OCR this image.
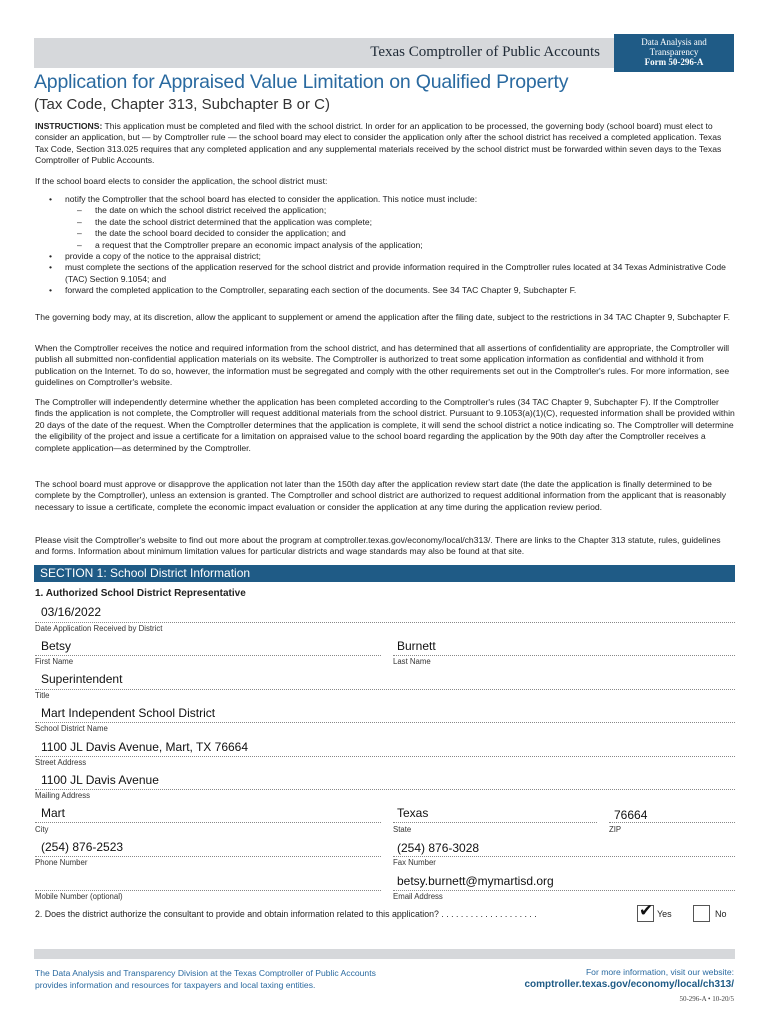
Texas Comptroller of Public Accounts
Data Analysis and
Transparency
Form 50-296-A
Application for Appraised Value Limitation on Qualified Property
(Tax Code, Chapter 313, Subchapter B or C)
INSTRUCTIONS: This application must be completed and filed with the school district. In order for an application to be processed, the governing body (school board) must elect to consider an application, but — by Comptroller rule — the school board may elect to consider the application only after the school district has received a completed application. Texas Tax Code, Section 313.025 requires that any completed application and any supplemental materials received by the school district must be forwarded within seven days to the Texas Comptroller of Public Accounts.
If the school board elects to consider the application, the school district must:
• notify the Comptroller that the school board has elected to consider the application. This notice must include:
– the date on which the school district received the application;
– the date the school district determined that the application was complete;
– the date the school board decided to consider the application; and
– a request that the Comptroller prepare an economic impact analysis of the application;
• provide a copy of the notice to the appraisal district;
• must complete the sections of the application reserved for the school district and provide information required in the Comptroller rules located at 34 Texas Administrative Code (TAC) Section 9.1054; and
• forward the completed application to the Comptroller, separating each section of the documents. See 34 TAC Chapter 9, Subchapter F.
The governing body may, at its discretion, allow the applicant to supplement or amend the application after the filing date, subject to the restrictions in 34 TAC Chapter 9, Subchapter F.
When the Comptroller receives the notice and required information from the school district, and has determined that all assertions of confidentiality are appropriate, the Comptroller will publish all submitted non-confidential application materials on its website. The Comptroller is authorized to treat some application information as confidential and withhold it from publication on the Internet. To do so, however, the information must be segregated and comply with the other requirements set out in the Comptroller's rules. For more information, see guidelines on Comptroller's website.
The Comptroller will independently determine whether the application has been completed according to the Comptroller's rules (34 TAC Chapter 9, Subchapter F). If the Comptroller finds the application is not complete, the Comptroller will request additional materials from the school district. Pursuant to 9.1053(a)(1)(C), requested information shall be provided within 20 days of the date of the request. When the Comptroller determines that the application is complete, it will send the school district a notice indicating so. The Comptroller will determine the eligibility of the project and issue a certificate for a limitation on appraised value to the school board regarding the application by the 90th day after the Comptroller receives a complete application—as determined by the Comptroller.
The school board must approve or disapprove the application not later than the 150th day after the application review start date (the date the application is finally determined to be complete by the Comptroller), unless an extension is granted. The Comptroller and school district are authorized to request additional information from the applicant that is reasonably necessary to issue a certificate, complete the economic impact evaluation or consider the application at any time during the application review period.
Please visit the Comptroller's website to find out more about the program at comptroller.texas.gov/economy/local/ch313/. There are links to the Chapter 313 statute, rules, guidelines and forms. Information about minimum limitation values for particular districts and wage standards may also be found at that site.
SECTION 1: School District Information
1. Authorized School District Representative
03/16/2022
Date Application Received by District
Betsy
First Name
Burnett
Last Name
Superintendent
Title
Mart Independent School District
School District Name
1100 JL Davis Avenue, Mart, TX 76664
Street Address
1100 JL Davis Avenue
Mailing Address
Mart
City
Texas
State
76664
ZIP
(254) 876-2523
Phone Number
(254) 876-3028
Fax Number
Mobile Number (optional)
betsy.burnett@mymartisd.org
Email Address
2. Does the district authorize the consultant to provide and obtain information related to this application? . . . . . . . . . . . . . . . . . . . .	✔ Yes	No
The Data Analysis and Transparency Division at the Texas Comptroller of Public Accounts
provides information and resources for taxpayers and local taxing entities.
For more information, visit our website:
comptroller.texas.gov/economy/local/ch313/
50-296-A • 10-20/5
